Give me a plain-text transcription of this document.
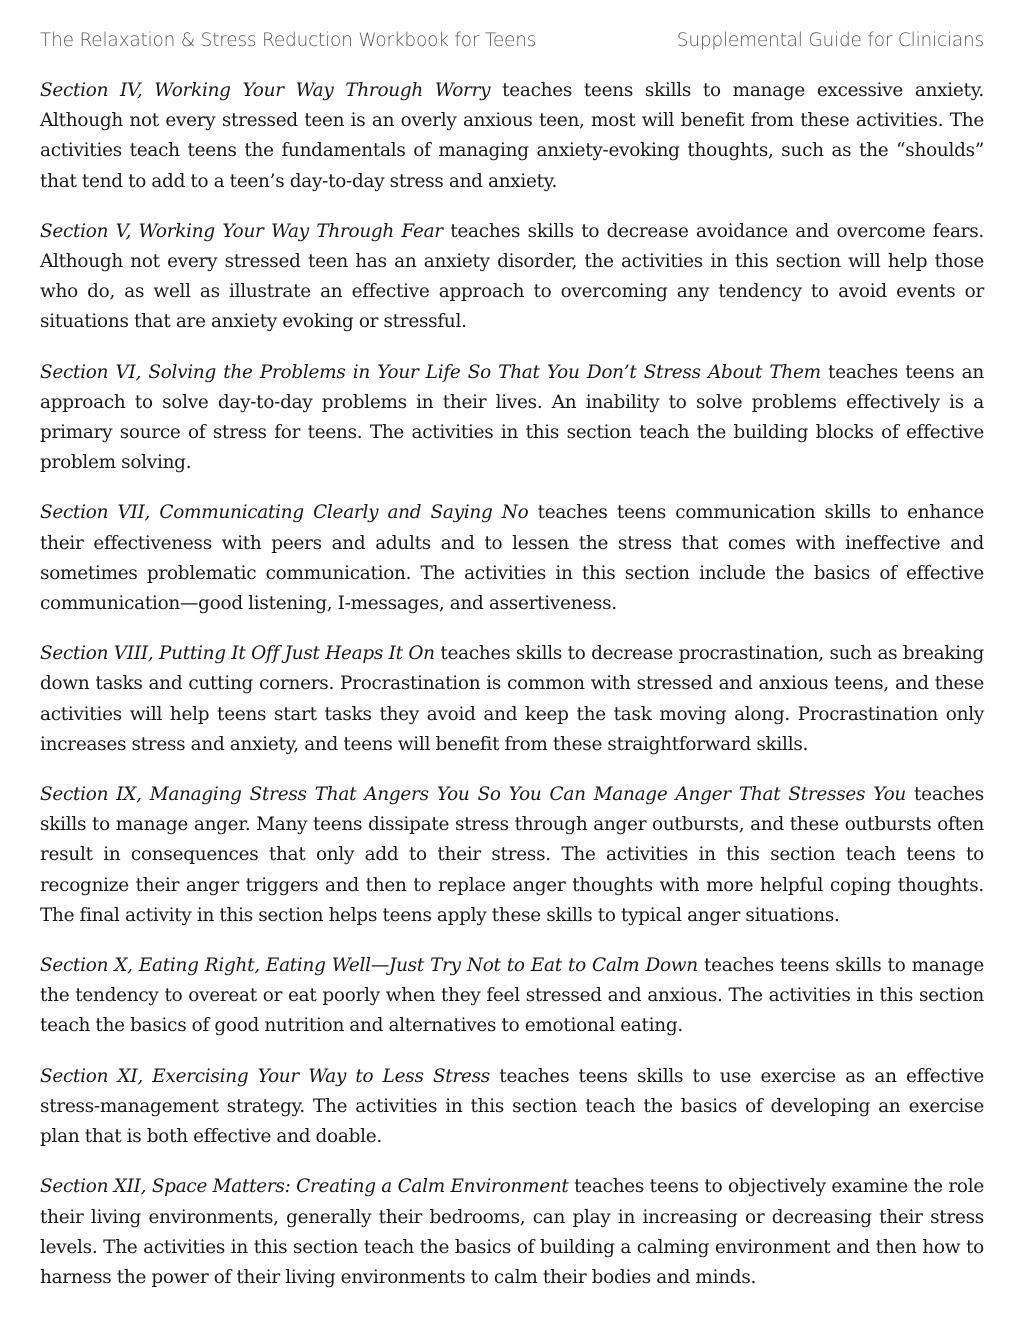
The Relaxation & Stress Reduction Workbook for Teens	Supplemental Guide for Clinicians

Section IV, Working Your Way Through Worry teaches teens skills to manage excessive anxiety. Although not every stressed teen is an overly anxious teen, most will benefit from these activities. The activities teach teens the fundamentals of managing anxiety-evoking thoughts, such as the “shoulds” that tend to add to a teen’s day-to-day stress and anxiety.

Section V, Working Your Way Through Fear teaches skills to decrease avoidance and overcome fears. Although not every stressed teen has an anxiety disorder, the activities in this section will help those who do, as well as illustrate an effective approach to overcoming any tendency to avoid events or situations that are anxiety evoking or stressful.

Section VI, Solving the Problems in Your Life So That You Don’t Stress About Them teaches teens an approach to solve day-to-day problems in their lives. An inability to solve problems effectively is a primary source of stress for teens. The activities in this section teach the building blocks of effective problem solving.

Section VII, Communicating Clearly and Saying No teaches teens communication skills to enhance their effectiveness with peers and adults and to lessen the stress that comes with ineffective and sometimes problematic communication. The activities in this section include the basics of effective communication—good listening, I-messages, and assertiveness.

Section VIII, Putting It Off Just Heaps It On teaches skills to decrease procrastination, such as breaking down tasks and cutting corners. Procrastination is common with stressed and anxious teens, and these activities will help teens start tasks they avoid and keep the task moving along. Procrastination only increases stress and anxiety, and teens will benefit from these straightforward skills.

Section IX, Managing Stress That Angers You So You Can Manage Anger That Stresses You teaches skills to manage anger. Many teens dissipate stress through anger outbursts, and these outbursts often result in consequences that only add to their stress. The activities in this section teach teens to recognize their anger triggers and then to replace anger thoughts with more helpful coping thoughts. The final activity in this section helps teens apply these skills to typical anger situations.

Section X, Eating Right, Eating Well—Just Try Not to Eat to Calm Down teaches teens skills to manage the tendency to overeat or eat poorly when they feel stressed and anxious. The activities in this section teach the basics of good nutrition and alternatives to emotional eating.

Section XI, Exercising Your Way to Less Stress teaches teens skills to use exercise as an effective stress-management strategy. The activities in this section teach the basics of developing an exercise plan that is both effective and doable.

Section XII, Space Matters: Creating a Calm Environment teaches teens to objectively examine the role their living environments, generally their bedrooms, can play in increasing or decreasing their stress levels. The activities in this section teach the basics of building a calming environment and then how to harness the power of their living environments to calm their bodies and minds.
